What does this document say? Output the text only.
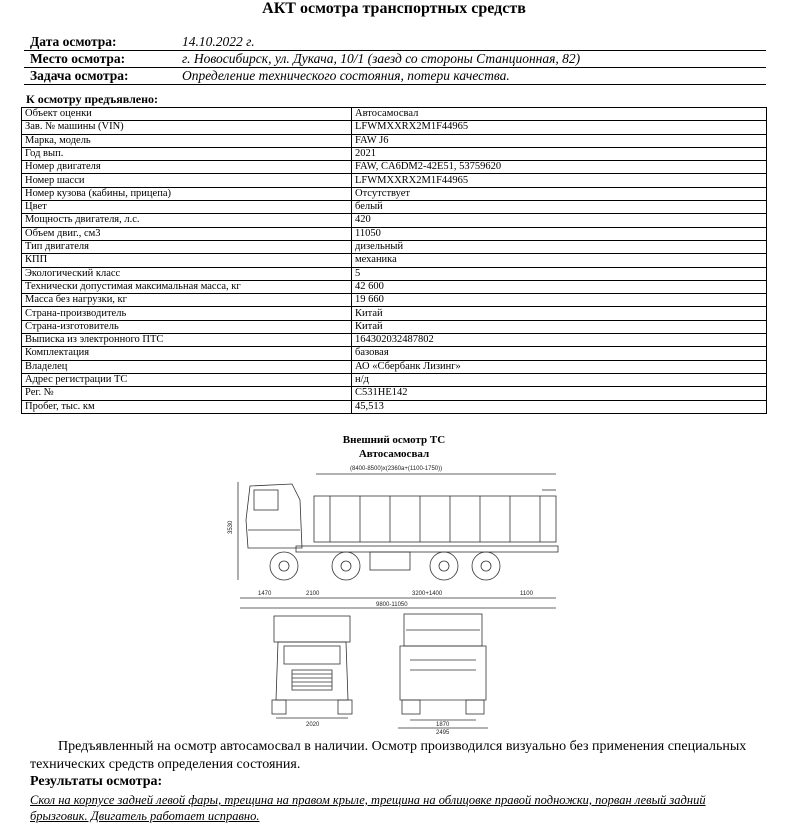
АКТ осмотра транспортных средств
Дата осмотра:	14.10.2022 г.
Место осмотра:	г. Новосибирск, ул. Дукача, 10/1 (заезд со стороны Станционная, 82)
Задача осмотра:	Определение технического состояния, потери качества.
К осмотру предъявлено:
Объект оценки	Автосамосвал
Зав. № машины (VIN)	LFWMXXRX2M1F44965
Марка, модель	FAW J6
Год вып.	2021
Номер двигателя	FAW, CA6DM2-42E51, 53759620
Номер шасси	LFWMXXRX2M1F44965
Номер кузова (кабины, прицепа)	Отсутствует
Цвет	белый
Мощность двигателя, л.с.	420
Объем двиг., см3	11050
Тип двигателя	дизельный
КПП	механика
Экологический класс	5
Технически допустимая максимальная масса, кг	42 600
Масса без нагрузки, кг	19 660
Страна-производитель	Китай
Страна-изготовитель	Китай
Выписка из электронного ПТС	164302032487802
Комплектация	базовая
Владелец	АО «Сбербанк Лизинг»
Адрес регистрации ТС	н/д
Рег. №	С531НЕ142
Пробег, тыс. км	45,513
Внешний осмотр ТС
Автосамосвал
(8400-8500)x(2360a+(1100-1750))
3530
1470	2100	3200+1400	1100
9800-11050
2020	1870
2495
Предъявленный на осмотр автосамосвал в наличии. Осмотр производился визуально без применения специальных технических средств определения состояния.
Результаты осмотра:
Скол на корпусе задней левой фары, трещина на правом крыле, трещина на облицовке правой подножки, порван левый задний брызговик. Двигатель работает исправно.
